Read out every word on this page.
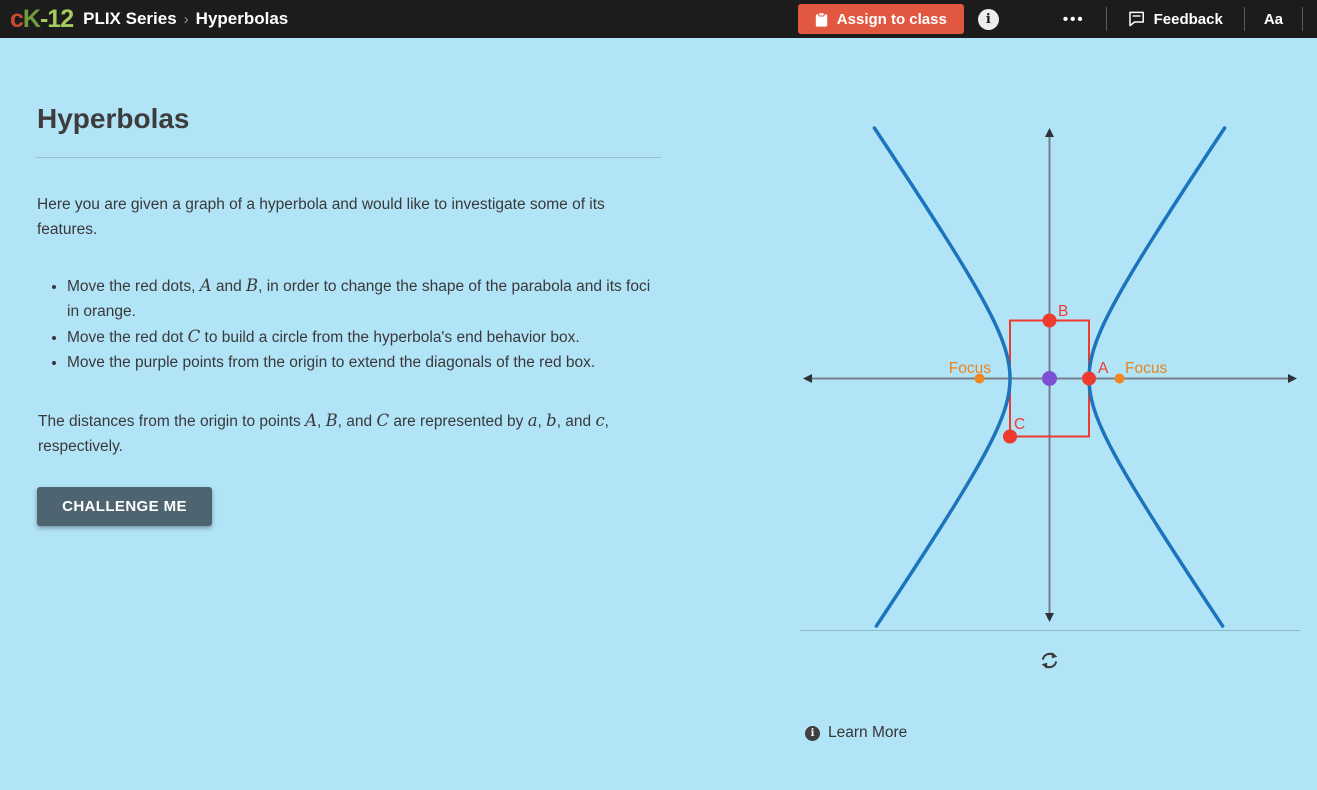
cK-12 PLIX Series › Hyperbolas	Assign to class	i	•••	Feedback	Aa
Hyperbolas

Here you are given a graph of a hyperbola and would like to investigate some of its features.

• Move the red dots, A and B, in order to change the shape of the parabola and its foci in orange.
• Move the red dot C to build a circle from the hyperbola's end behavior box.
• Move the purple points from the origin to extend the diagonals of the red box.

The distances from the origin to points A, B, and C are represented by a, b, and c, respectively.

CHALLENGE ME
Focus	Focus
A
B
C
i Learn More
